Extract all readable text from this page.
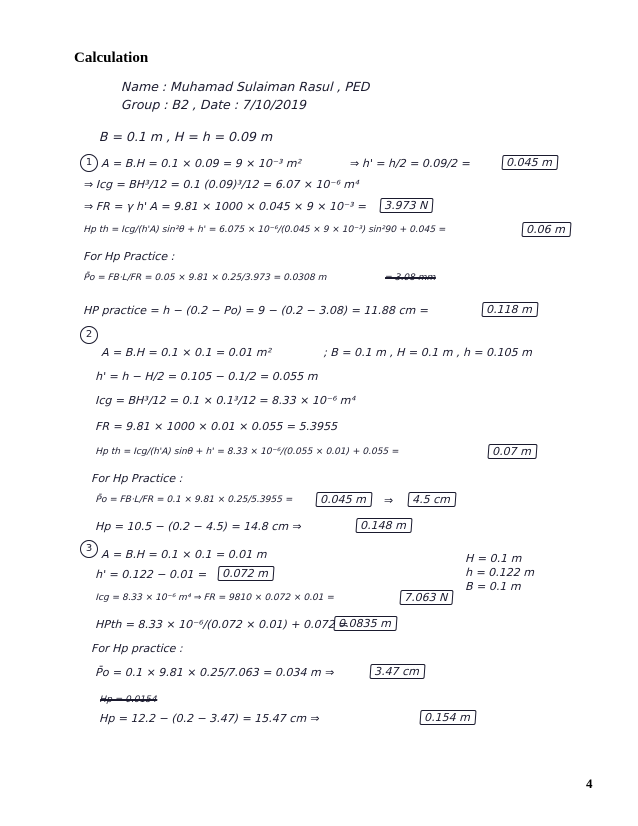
Calculation
Name : Muhamad Sulaiman Rasul , PED
Group : B2 , Date : 7/10/2019
B = 0.1 m , H = h = 0.09 m
1 A = B.H = 0.1 × 0.09 = 9 × 10⁻³ m²	⇒ h' = h/2 = 0.09/2 =	0.045 m
⇒ Icg = BH³/12 = 0.1 (0.09)³/12 = 6.07 × 10⁻⁶ m⁴
⇒ FR = γ h' A = 9.81 × 1000 × 0.045 × 9 × 10⁻³ =	3.973 N
Hp th = Icg/(h'A) sin²θ + h' = 6.075 × 10⁻⁶/(0.045 × 9 × 10⁻³) sin²90 + 0.045 =	0.06 m
For Hp Practice :
P̄o = FB·L/FR = 0.05 × 9.81 × 0.25/3.973 = 0.0308 m	= 3.08 mm
HP practice = h − (0.2 − Po) = 9 − (0.2 − 3.08) = 11.88 cm =	0.118 m
2
A = B.H = 0.1 × 0.1 = 0.01 m²	; B = 0.1 m , H = 0.1 m , h = 0.105 m
h' = h − H/2 = 0.105 − 0.1/2 = 0.055 m
Icg = BH³/12 = 0.1 × 0.1³/12 = 8.33 × 10⁻⁶ m⁴
FR = 9.81 × 1000 × 0.01 × 0.055 = 5.3955
Hp th = Icg/(h'A) sinθ + h' = 8.33 × 10⁻⁶/(0.055 × 0.01) + 0.055 =	0.07 m
For Hp Practice :
P̄o = FB·L/FR = 0.1 × 9.81 × 0.25/5.3955 =	0.045 m	⇒	4.5 cm
Hp = 10.5 − (0.2 − 4.5) = 14.8 cm ⇒	0.148 m
3 A = B.H = 0.1 × 0.1 = 0.01 m	H = 0.1 m
h = 0.122 m
B = 0.1 m
h' = 0.122 − 0.01 =	0.072 m
Icg = 8.33 × 10⁻⁶ m⁴ ⇒ FR = 9810 × 0.072 × 0.01 =	7.063 N
HPth = 8.33 × 10⁻⁶/(0.072 × 0.01) + 0.072 =
0.0835 m
For Hp practice :
P̄o = 0.1 × 9.81 × 0.25/7.063 = 0.034 m ⇒	3.47 cm
Hp = 0.0154
Hp = 12.2 − (0.2 − 3.47) = 15.47 cm ⇒	0.154 m
4
